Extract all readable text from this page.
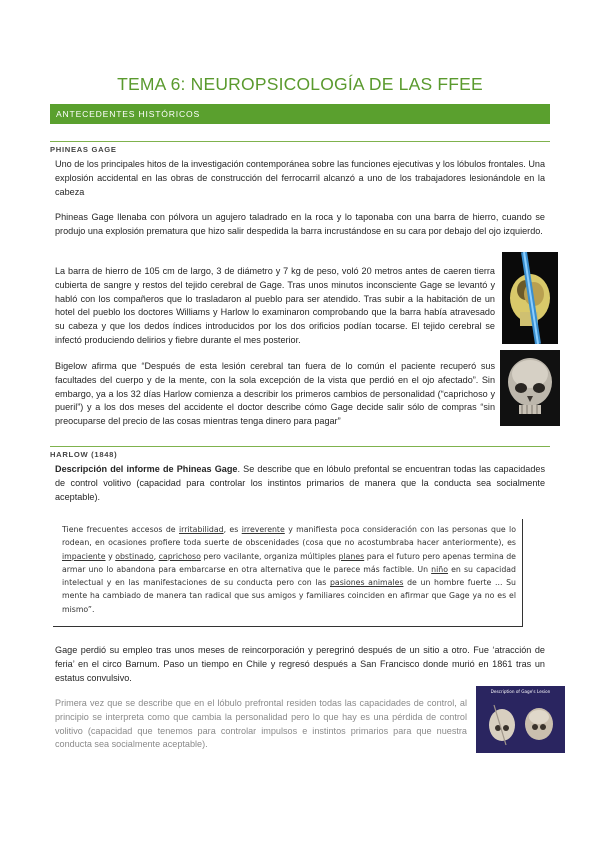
TEMA 6: NEUROPSICOLOGÍA DE LAS FFEE
ANTECEDENTES HISTÓRICOS
PHINEAS GAGE
Uno de los principales hitos de la investigación contemporánea sobre las funciones ejecutivas y los lóbulos frontales. Una explosión accidental en las obras de construcción del ferrocarril alcanzó a uno de los trabajadores lesionándole en la cabeza
Phineas Gage llenaba con pólvora un agujero taladrado en la roca y lo taponaba con una barra de hierro, cuando se produjo una explosión prematura que hizo salir despedida la barra incrustándose en su cara por debajo del ojo izquierdo.
La barra de hierro de 105 cm de largo, 3 de diámetro y 7 kg de peso, voló 20 metros antes de caeren tierra cubierta de sangre y restos del tejido cerebral de Gage. Tras unos minutos inconsciente Gage se levantó y habló con los compañeros que lo trasladaron al pueblo para ser atendido. Tras subir a la habitación de un hotel del pueblo los doctores Williams y Harlow lo examinaron comprobando que la barra había atravesado su cabeza y que los dedos índices introducidos por los dos orificios podían tocarse. El tejido cerebral se infectó produciendo delirios y fiebre durante el mes posterior.
Bigelow afirma que “Después de esta lesión cerebral tan fuera de lo común el paciente recuperó sus facultades del cuerpo y de la mente, con la sola excepción de la vista que perdió en el ojo afectado”. Sin embargo, ya a los 32 días Harlow comienza a describir los primeros cambios de personalidad (“caprichoso y pueril”) y a los dos meses del accidente el doctor describe cómo Gage decide salir sólo de compras “sin preocuparse del precio de las cosas mientras tenga dinero para pagar”
HARLOW (1848)
Descripción del informe de Phineas Gage. Se describe que en lóbulo prefontal se encuentran todas las capacidades de control volitivo (capacidad para controlar los instintos primarios de manera que la conducta sea socialmente aceptable).
Tiene frecuentes accesos de irritabilidad, es irreverente y manifiesta poca consideración con las personas que lo rodean, en ocasiones profiere toda suerte de obscenidades (cosa que no acostumbraba hacer anteriormente), es impaciente y obstinado, caprichoso pero vacilante, organiza múltiples planes para el futuro pero apenas termina de armar uno lo abandona para embarcarse en otra alternativa que le parece más factible. Un niño en su capacidad intelectual y en las manifestaciones de su conducta pero con las pasiones animales de un hombre fuerte ... Su mente ha cambiado de manera tan radical que sus amigos y familiares coinciden en afirmar que Gage ya no es el mismo”.
Gage perdió su empleo tras unos meses de reincorporación y peregrinó después de un sitio a otro. Fue ‘atracción de feria’ en el circo Barnum. Paso un tiempo en Chile y regresó después a San Francisco donde murió en 1861 tras un estatus convulsivo.
Primera vez que se describe que en el lóbulo prefrontal residen todas las capacidades de control, al principio se interpreta como que cambia la personalidad pero lo que hay es una pérdida de control volitivo (capacidad que tenemos para controlar impulsos e instintos primarios para que nuestra conducta sea socialmente aceptable).
Description of Gage's Lesion
